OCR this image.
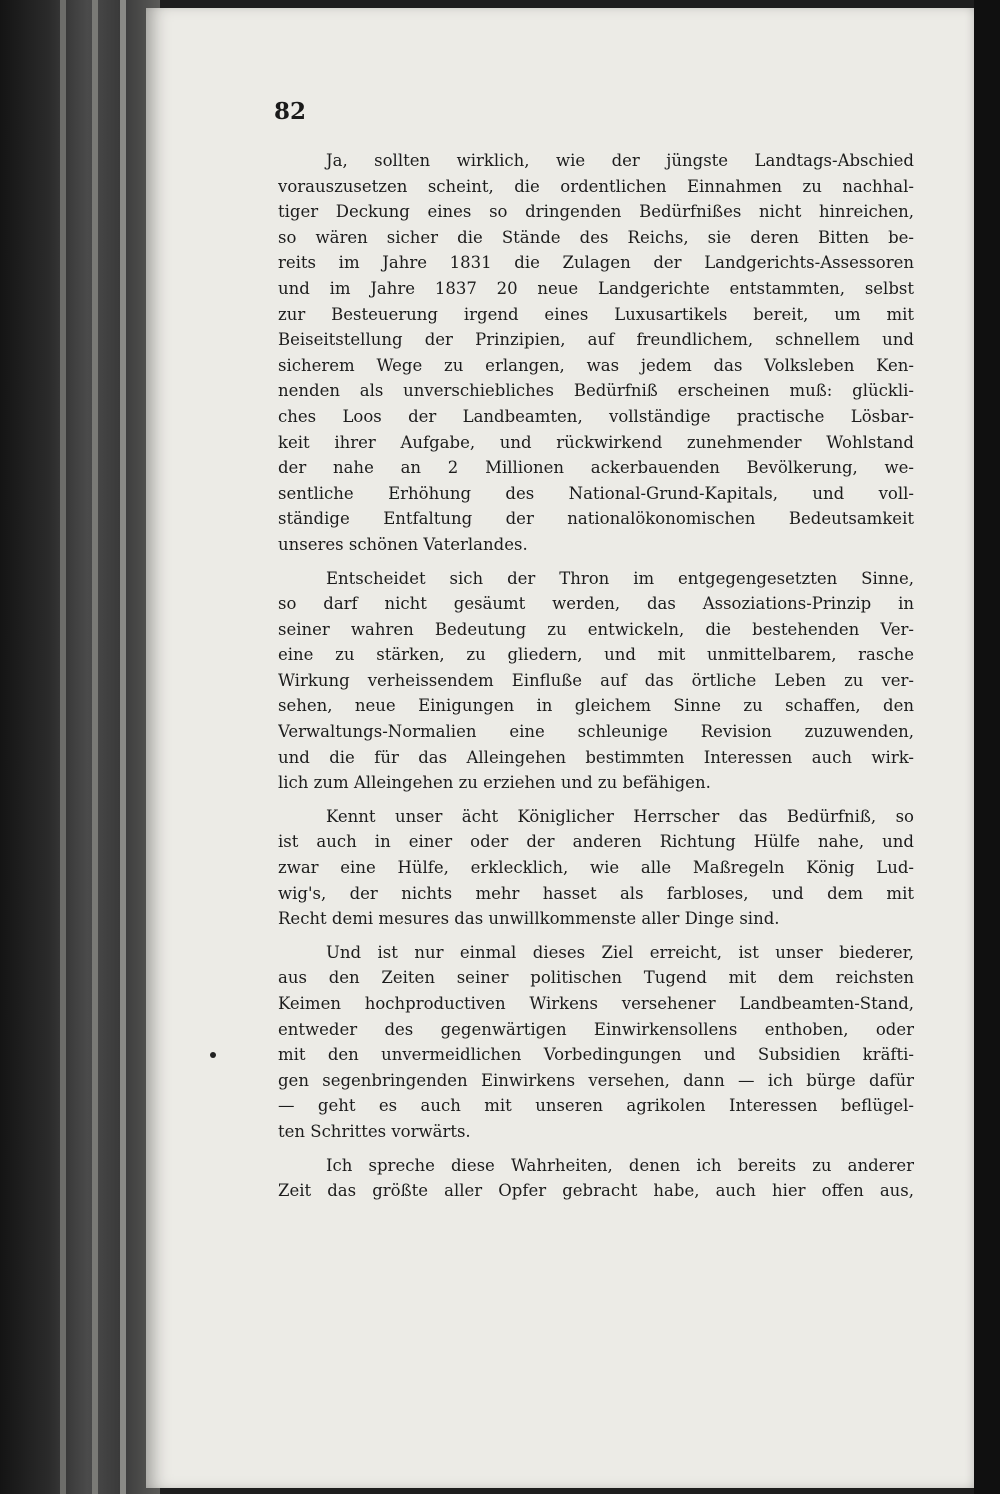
82
Ja, sollten wirklich, wie der jüngste Landtags-Abschied
vorauszusetzen scheint, die ordentlichen Einnahmen zu nachhal-
tiger Deckung eines so dringenden Bedürfnißes nicht hinreichen,
so wären sicher die Stände des Reichs, sie deren Bitten be-
reits im Jahre 1831 die Zulagen der Landgerichts-Assessoren
und im Jahre 1837 20 neue Landgerichte entstammten, selbst
zur Besteuerung irgend eines Luxusartikels bereit, um mit
Beiseitstellung der Prinzipien, auf freundlichem, schnellem und
sicherem Wege zu erlangen, was jedem das Volksleben Ken-
nenden als unverschiebliches Bedürfniß erscheinen muß: glückli-
ches Loos der Landbeamten, vollständige practische Lösbar-
keit ihrer Aufgabe, und rückwirkend zunehmender Wohlstand
der nahe an 2 Millionen ackerbauenden Bevölkerung, we-
sentliche Erhöhung des National-Grund-Kapitals, und voll-
ständige Entfaltung der nationalökonomischen Bedeutsamkeit
unseres schönen Vaterlandes.
Entscheidet sich der Thron im entgegengesetzten Sinne,
so darf nicht gesäumt werden, das Assoziations-Prinzip in
seiner wahren Bedeutung zu entwickeln, die bestehenden Ver-
eine zu stärken, zu gliedern, und mit unmittelbarem, rasche
Wirkung verheissendem Einfluße auf das örtliche Leben zu ver-
sehen, neue Einigungen in gleichem Sinne zu schaffen, den
Verwaltungs-Normalien eine schleunige Revision zuzuwenden,
und die für das Alleingehen bestimmten Interessen auch wirk-
lich zum Alleingehen zu erziehen und zu befähigen.
Kennt unser ächt Königlicher Herrscher das Bedürfniß, so
ist auch in einer oder der anderen Richtung Hülfe nahe, und
zwar eine Hülfe, erklecklich, wie alle Maßregeln König Lud-
wig's, der nichts mehr hasset als farbloses, und dem mit
Recht demi mesures das unwillkommenste aller Dinge sind.
Und ist nur einmal dieses Ziel erreicht, ist unser biederer,
aus den Zeiten seiner politischen Tugend mit dem reichsten
Keimen hochproductiven Wirkens versehener Landbeamten-Stand,
entweder des gegenwärtigen Einwirkensollens enthoben, oder
mit den unvermeidlichen Vorbedingungen und Subsidien kräfti-
gen segenbringenden Einwirkens versehen, dann — ich bürge dafür
— geht es auch mit unseren agrikolen Interessen beflügel-
ten Schrittes vorwärts.
Ich spreche diese Wahrheiten, denen ich bereits zu anderer
Zeit das größte aller Opfer gebracht habe, auch hier offen aus,
